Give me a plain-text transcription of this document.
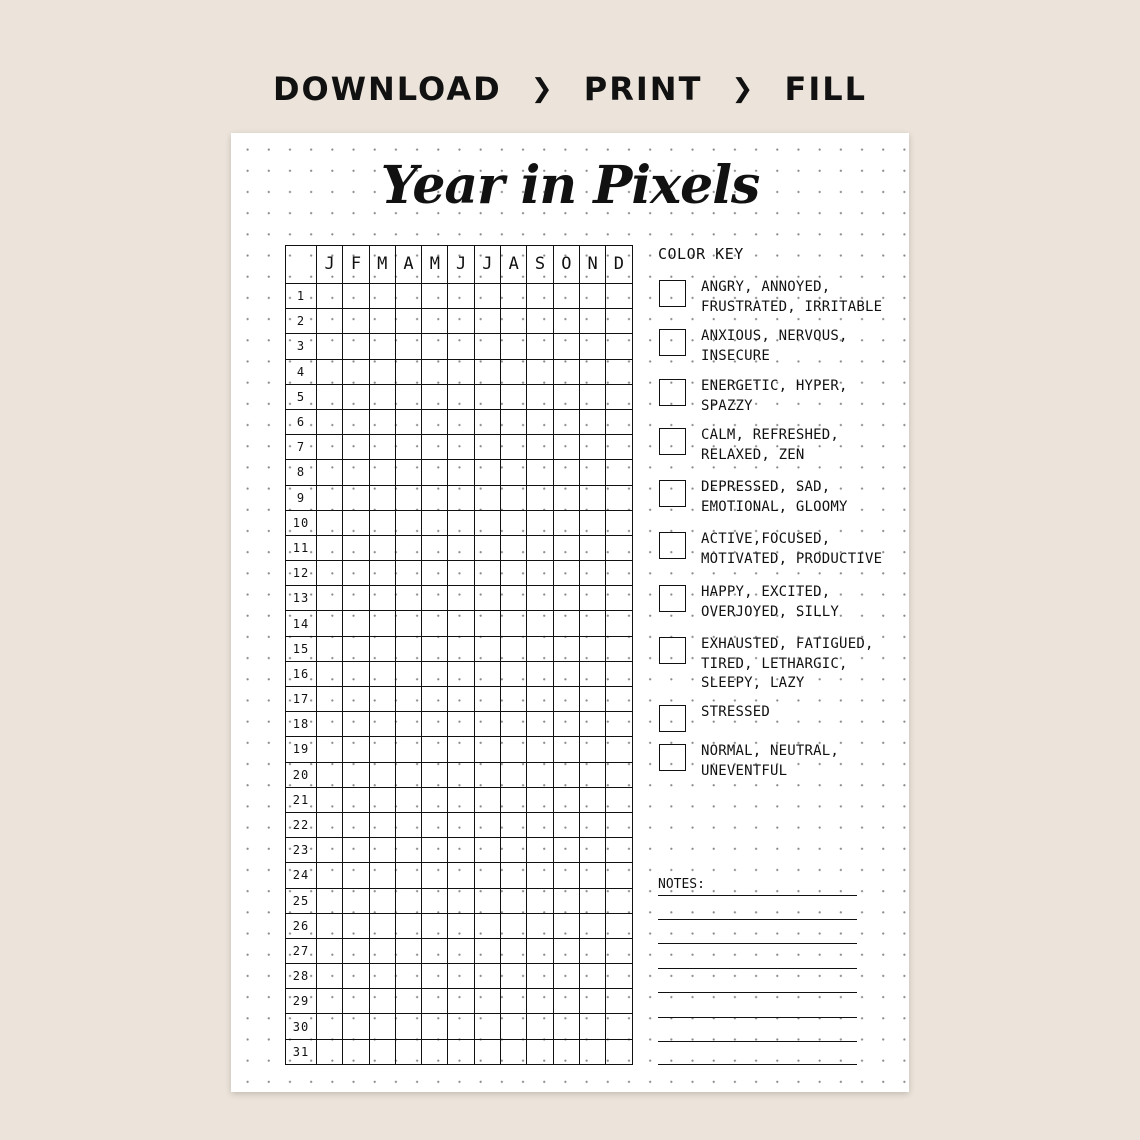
DOWNLOAD ❯ PRINT ❯ FILL
Year in Pixels
	J	F	M	A	M	J	J	A	S	O	N	D
1												
2												
3												
4												
5												
6												
7												
8												
9												
10												
11												
12												
13												
14												
15												
16												
17												
18												
19												
20												
21												
22												
23												
24												
25												
26												
27												
28												
29												
30												
31												
COLOR KEY
ANGRY, ANNOYED,
FRUSTRATED, IRRITABLE
ANXIOUS, NERVOUS,
INSECURE
ENERGETIC, HYPER,
SPAZZY
CALM, REFRESHED,
RELAXED, ZEN
DEPRESSED, SAD,
EMOTIONAL, GLOOMY
ACTIVE,FOCUSED,
MOTIVATED, PRODUCTIVE
HAPPY, EXCITED,
OVERJOYED, SILLY
EXHAUSTED, FATIGUED,
TIRED, LETHARGIC,
SLEEPY, LAZY
STRESSED
NORMAL, NEUTRAL,
UNEVENTFUL
NOTES:
